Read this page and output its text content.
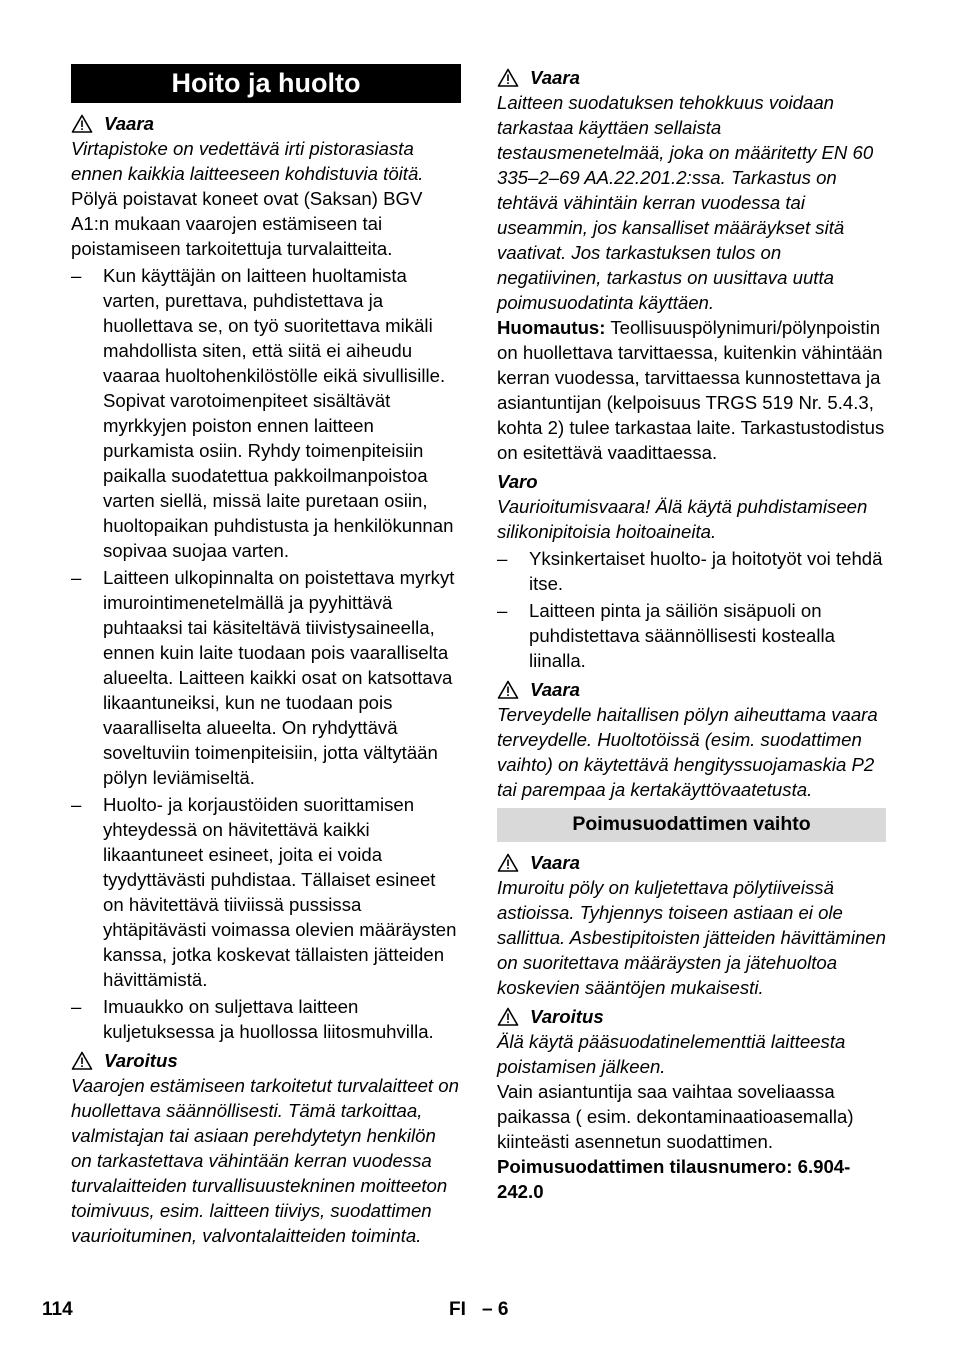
Hoito ja huolto
Vaara

Virtapistoke on vedettävä irti pistorasiasta ennen kaikkia laitteeseen kohdistuvia töitä.

Pölyä poistavat koneet ovat (Saksan) BGV A1:n mukaan vaarojen estämiseen tai poistamiseen tarkoitettuja turvalaitteita.

–	Kun käyttäjän on laitteen huoltamista varten, purettava, puhdistettava ja huollettava se, on työ suoritettava mikäli mahdollista siten, että siitä ei aiheudu vaaraa huoltohenkilöstölle eikä sivullisille. Sopivat varotoimenpiteet sisältävät myrkkyjen poiston ennen laitteen purkamista osiin. Ryhdy toimenpiteisiin paikalla suodatettua pakkoilmanpoistoa varten siellä, missä laite puretaan osiin, huoltopaikan puhdistusta ja henkilökunnan sopivaa suojaa varten.
–	Laitteen ulkopinnalta on poistettava myrkyt imurointimenetelmällä ja pyyhittävä puhtaaksi tai käsiteltävä tiivistysaineella, ennen kuin laite tuodaan pois vaaralliselta alueelta. Laitteen kaikki osat on katsottava likaantuneiksi, kun ne tuodaan pois vaaralliselta alueelta. On ryhdyttävä soveltuviin toimenpiteisiin, jotta vältytään pölyn leviämiseltä.
–	Huolto- ja korjaustöiden suorittamisen yhteydessä on hävitettävä kaikki likaantuneet esineet, joita ei voida tyydyttävästi puhdistaa. Tällaiset esineet on hävitettävä tiiviissä pussissa yhtäpitävästi voimassa olevien määräysten kanssa, jotka koskevat tällaisten jätteiden hävittämistä.
–	Imuaukko on suljettava laitteen kuljetuksessa ja huollossa liitosmuhvilla.
Varoitus

Vaarojen estämiseen tarkoitetut turvalaitteet on huollettava säännöllisesti. Tämä tarkoittaa, valmistajan tai asiaan perehdytetyn henkilön on tarkastettava vähintään kerran vuodessa turvalaitteiden turvallisuustekninen moitteeton toimivuus, esim. laitteen tiiviys, suodattimen vaurioituminen, valvontalaitteiden toiminta.

Vaara

Laitteen suodatuksen tehokkuus voidaan tarkastaa käyttäen sellaista testausmenetelmää, joka on määritetty EN 60 335–2–69 AA.22.201.2:ssa. Tarkastus on tehtävä vähintäin kerran vuodessa tai useammin, jos kansalliset määräykset sitä vaativat. Jos tarkastuksen tulos on negatiivinen, tarkastus on uusittava uutta poimusuodatinta käyttäen.

Huomautus: Teollisuuspölynimuri/pölynpoistin on huollettava tarvittaessa, kuitenkin vähintään kerran vuodessa, tarvittaessa kunnostettava ja asiantuntijan (kelpoisuus TRGS 519 Nr. 5.4.3, kohta 2) tulee tarkastaa laite. Tarkastustodistus on esitettävä vaadittaessa.

Varo

Vaurioitumisvaara! Älä käytä puhdistamiseen silikonipitoisia hoitoaineita.

–	Yksinkertaiset huolto- ja hoitotyöt voi tehdä itse.
–	Laitteen pinta ja säiliön sisäpuoli on puhdistettava säännöllisesti kostealla liinalla.
Vaara

Terveydelle haitallisen pölyn aiheuttama vaara terveydelle. Huoltotöissä (esim. suodattimen vaihto) on käytettävä hengityssuojamaskia P2 tai parempaa ja kertakäyttövaatetusta.

Poimusuodattimen vaihto
Vaara

Imuroitu pöly on kuljetettava pölytiiveissä astioissa. Tyhjennys toiseen astiaan ei ole sallittua. Asbestipitoisten jätteiden hävittäminen on suoritettava määräysten ja jätehuoltoa koskevien sääntöjen mukaisesti.

Varoitus

Älä käytä pääsuodatinelementtiä laitteesta poistamisen jälkeen.

Vain asiantuntija saa vaihtaa soveliaassa paikassa ( esim. dekontaminaatioasemalla) kiinteästi asennetun suodattimen.

Poimusuodattimen tilausnumero: 6.904-242.0

114	FI – 6
